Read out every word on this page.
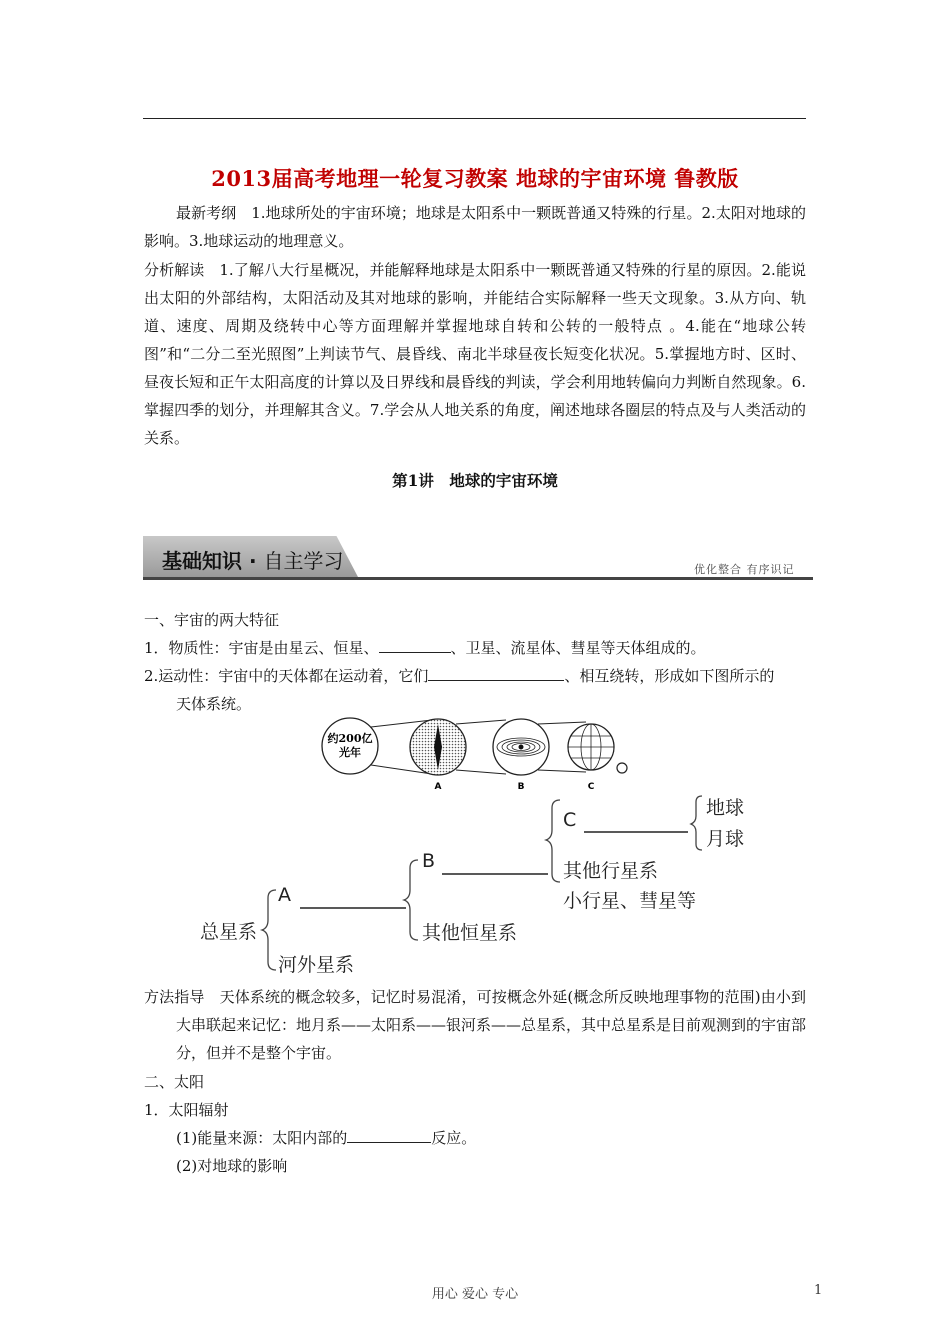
2013届高考地理一轮复习教案 地球的宇宙环境 鲁教版
最新考纲　 1.地球所处的宇宙环境；地球是太阳系中一颗既普通又特殊的行星。2.太阳对地球的影响。3.地球运动的地理意义。
分析解读　 1.了解八大行星概况，并能解释地球是太阳系中一颗既普通又特殊的行星的原因。2.能说出太阳的外部结构，太阳活动及其对地球的影响，并能结合实际解释一些天文现象。3.从方向、轨道、速度、周期及绕转中心等方面理解并掌握地球自转和公转的一般特点 。4.能在“地球公转图”和“二分二至光照图”上判读节气、晨昏线、南北半球昼夜长短变化状况。5.掌握地方时、区时、昼夜长短和正午太阳高度的计算以及日界线和晨昏线的判读，学会利用地转偏向力判断自然现象。6.掌握四季的划分，并理解其含义。7.学会从人地关系的角度，阐述地球各圈层的特点及与人类活动的关系。
第1讲　地球的宇宙环境
基础知识 · 自主学习	优化整合 有序识记
一、宇宙的两大特征
1．物质性：宇宙是由星云、恒星、	、卫星、流星体、彗星等天体组成的。
2.运动性：宇宙中的天体都在运动着，它们	、相互绕转，形成如下图所示的
天体系统。
约200亿
光年
A	B	C
总星系
A
河外星系
B
其他恒星系
C
其他行星系
小行星、彗星等
地球
月球
方法指导　 天体系统的概念较多，记忆时易混淆，可按概念外延(概念所反映地理事物的范围)由小到大串联起来记忆：地月系——太阳系——银河系——总星系，其中总星系是目前观测到的宇宙部分，但并不是整个宇宙。
二、太阳
1．太阳辐射
(1)能量来源：太阳内部的	反应。
(2)对地球的影响
用心 爱心 专心	1
